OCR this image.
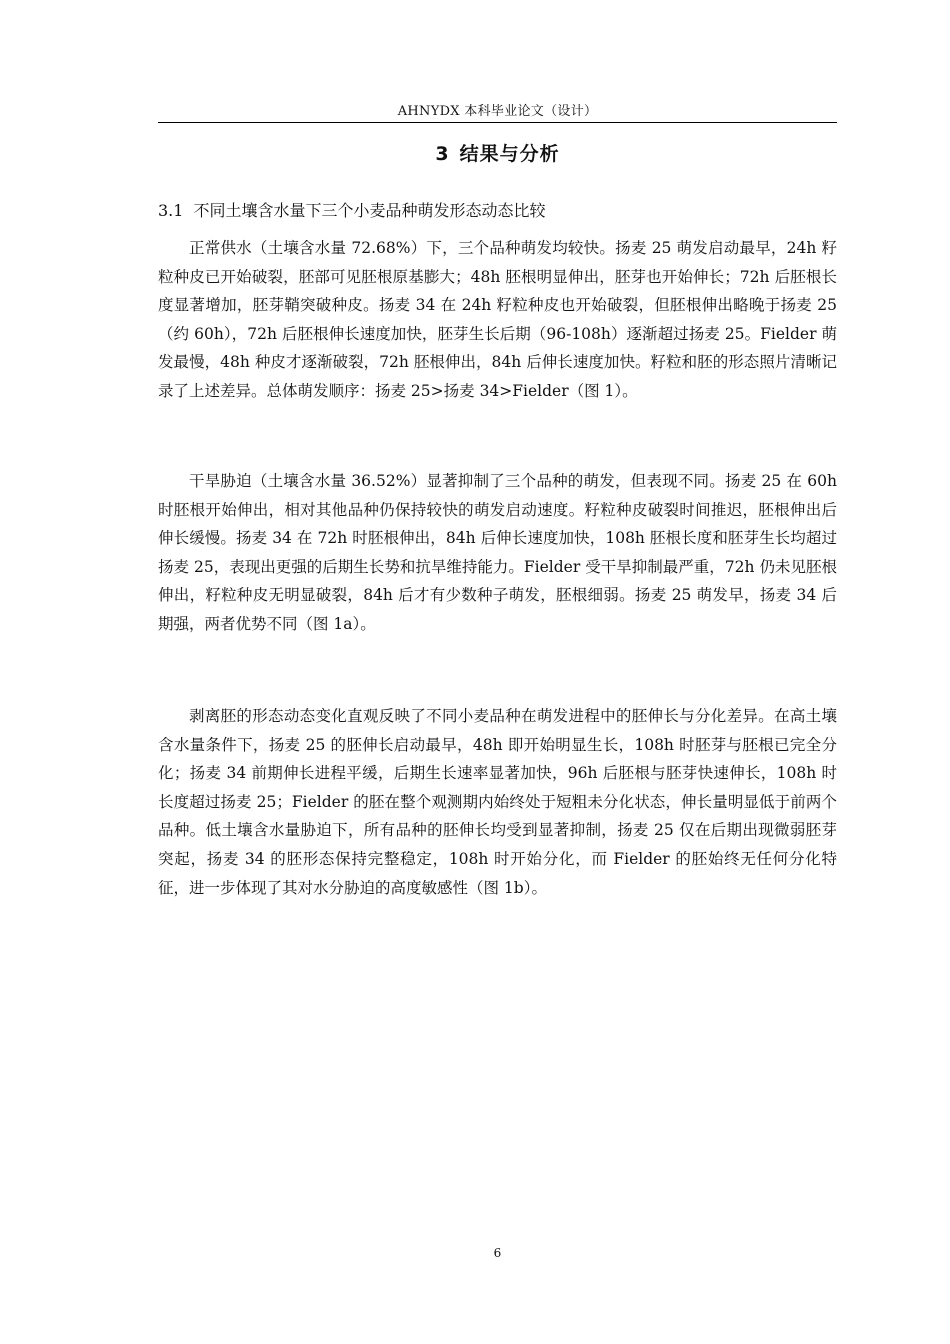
AHNYDX 本科毕业论文（设计）
3 结果与分析
3.1 不同土壤含水量下三个小麦品种萌发形态动态比较

正常供水（土壤含水量 72.68%）下，三个品种萌发均较快。扬麦 25 萌发启动最早，24h 籽粒种皮已开始破裂，胚部可见胚根原基膨大；48h 胚根明显伸出，胚芽也开始伸长；72h 后胚根长度显著增加，胚芽鞘突破种皮。扬麦 34 在 24h 籽粒种皮也开始破裂，但胚根伸出略晚于扬麦 25（约 60h），72h 后胚根伸长速度加快，胚芽生长后期（96-108h）逐渐超过扬麦 25。Fielder 萌发最慢，48h 种皮才逐渐破裂，72h 胚根伸出，84h 后伸长速度加快。籽粒和胚的形态照片清晰记录了上述差异。总体萌发顺序：扬麦 25>扬麦 34>Fielder（图 1）。

干旱胁迫（土壤含水量 36.52%）显著抑制了三个品种的萌发，但表现不同。扬麦 25 在 60h 时胚根开始伸出，相对其他品种仍保持较快的萌发启动速度。籽粒种皮破裂时间推迟，胚根伸出后伸长缓慢。扬麦 34 在 72h 时胚根伸出，84h 后伸长速度加快，108h 胚根长度和胚芽生长均超过扬麦 25，表现出更强的后期生长势和抗旱维持能力。Fielder 受干旱抑制最严重，72h 仍未见胚根伸出，籽粒种皮无明显破裂，84h 后才有少数种子萌发，胚根细弱。扬麦 25 萌发早，扬麦 34 后期强，两者优势不同（图 1a）。

剥离胚的形态动态变化直观反映了不同小麦品种在萌发进程中的胚伸长与分化差异。在高土壤含水量条件下，扬麦 25 的胚伸长启动最早，48h 即开始明显生长，108h 时胚芽与胚根已完全分化；扬麦 34 前期伸长进程平缓，后期生长速率显著加快，96h 后胚根与胚芽快速伸长，108h 时长度超过扬麦 25；Fielder 的胚在整个观测期内始终处于短粗未分化状态，伸长量明显低于前两个品种。低土壤含水量胁迫下，所有品种的胚伸长均受到显著抑制，扬麦 25 仅在后期出现微弱胚芽突起，扬麦 34 的胚形态保持完整稳定，108h 时开始分化，而 Fielder 的胚始终无任何分化特征，进一步体现了其对水分胁迫的高度敏感性（图 1b）。

6
